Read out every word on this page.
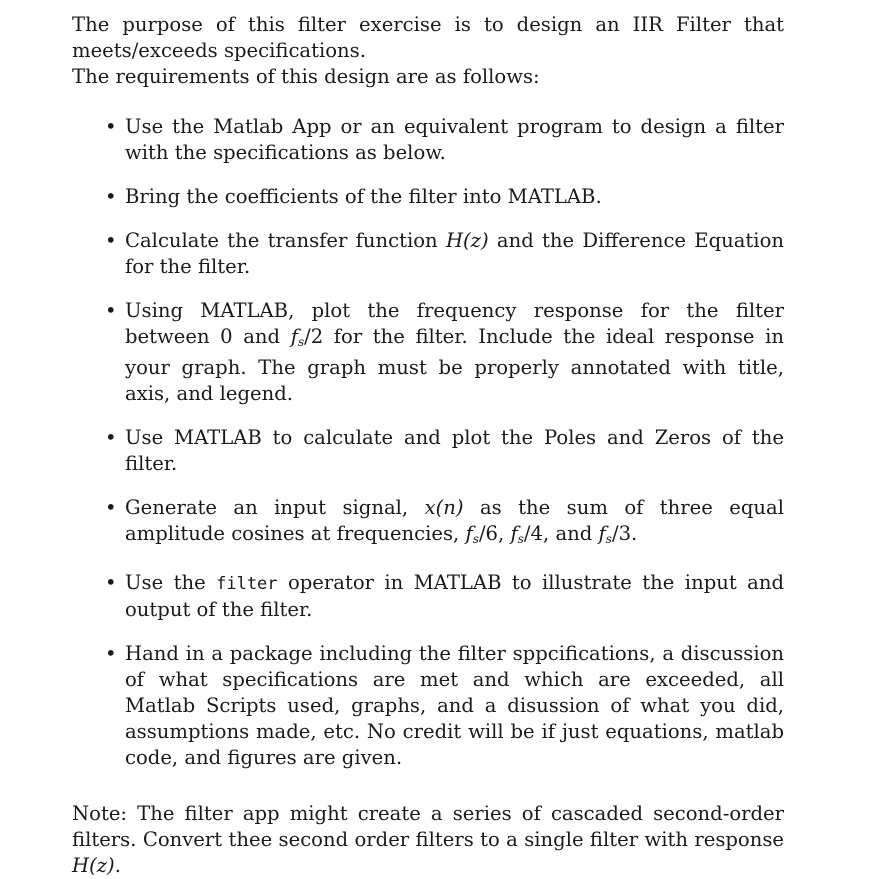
The purpose of this filter exercise is to design an IIR Filter that meets/exceeds specifications.

The requirements of this design are as follows:

• Use the Matlab App or an equivalent program to design a filter with the specifications as below.
• Bring the coefficients of the filter into MATLAB.
• Calculate the transfer function H(z) and the Difference Equation for the filter.
• Using MATLAB, plot the frequency response for the filter between 0 and $f_s/2$ for the filter. Include the ideal response in your graph. The graph must be properly annotated with title, axis, and legend.
• Use MATLAB to calculate and plot the Poles and Zeros of the filter.
• Generate an input signal, x(n) as the sum of three equal amplitude cosines at frequencies, $f_s/6$, $f_s/4$, and $f_s/3$.
• Use the filter operator in MATLAB to illustrate the input and output of the filter.
• Hand in a package including the filter sppcifications, a discussion of what specifications are met and which are exceeded, all Matlab Scripts used, graphs, and a disussion of what you did, assumptions made, etc. No credit will be if just equations, matlab code, and figures are given.

Note: The filter app might create a series of cascaded second-order filters. Convert thee second order filters to a single filter with response H(z).
